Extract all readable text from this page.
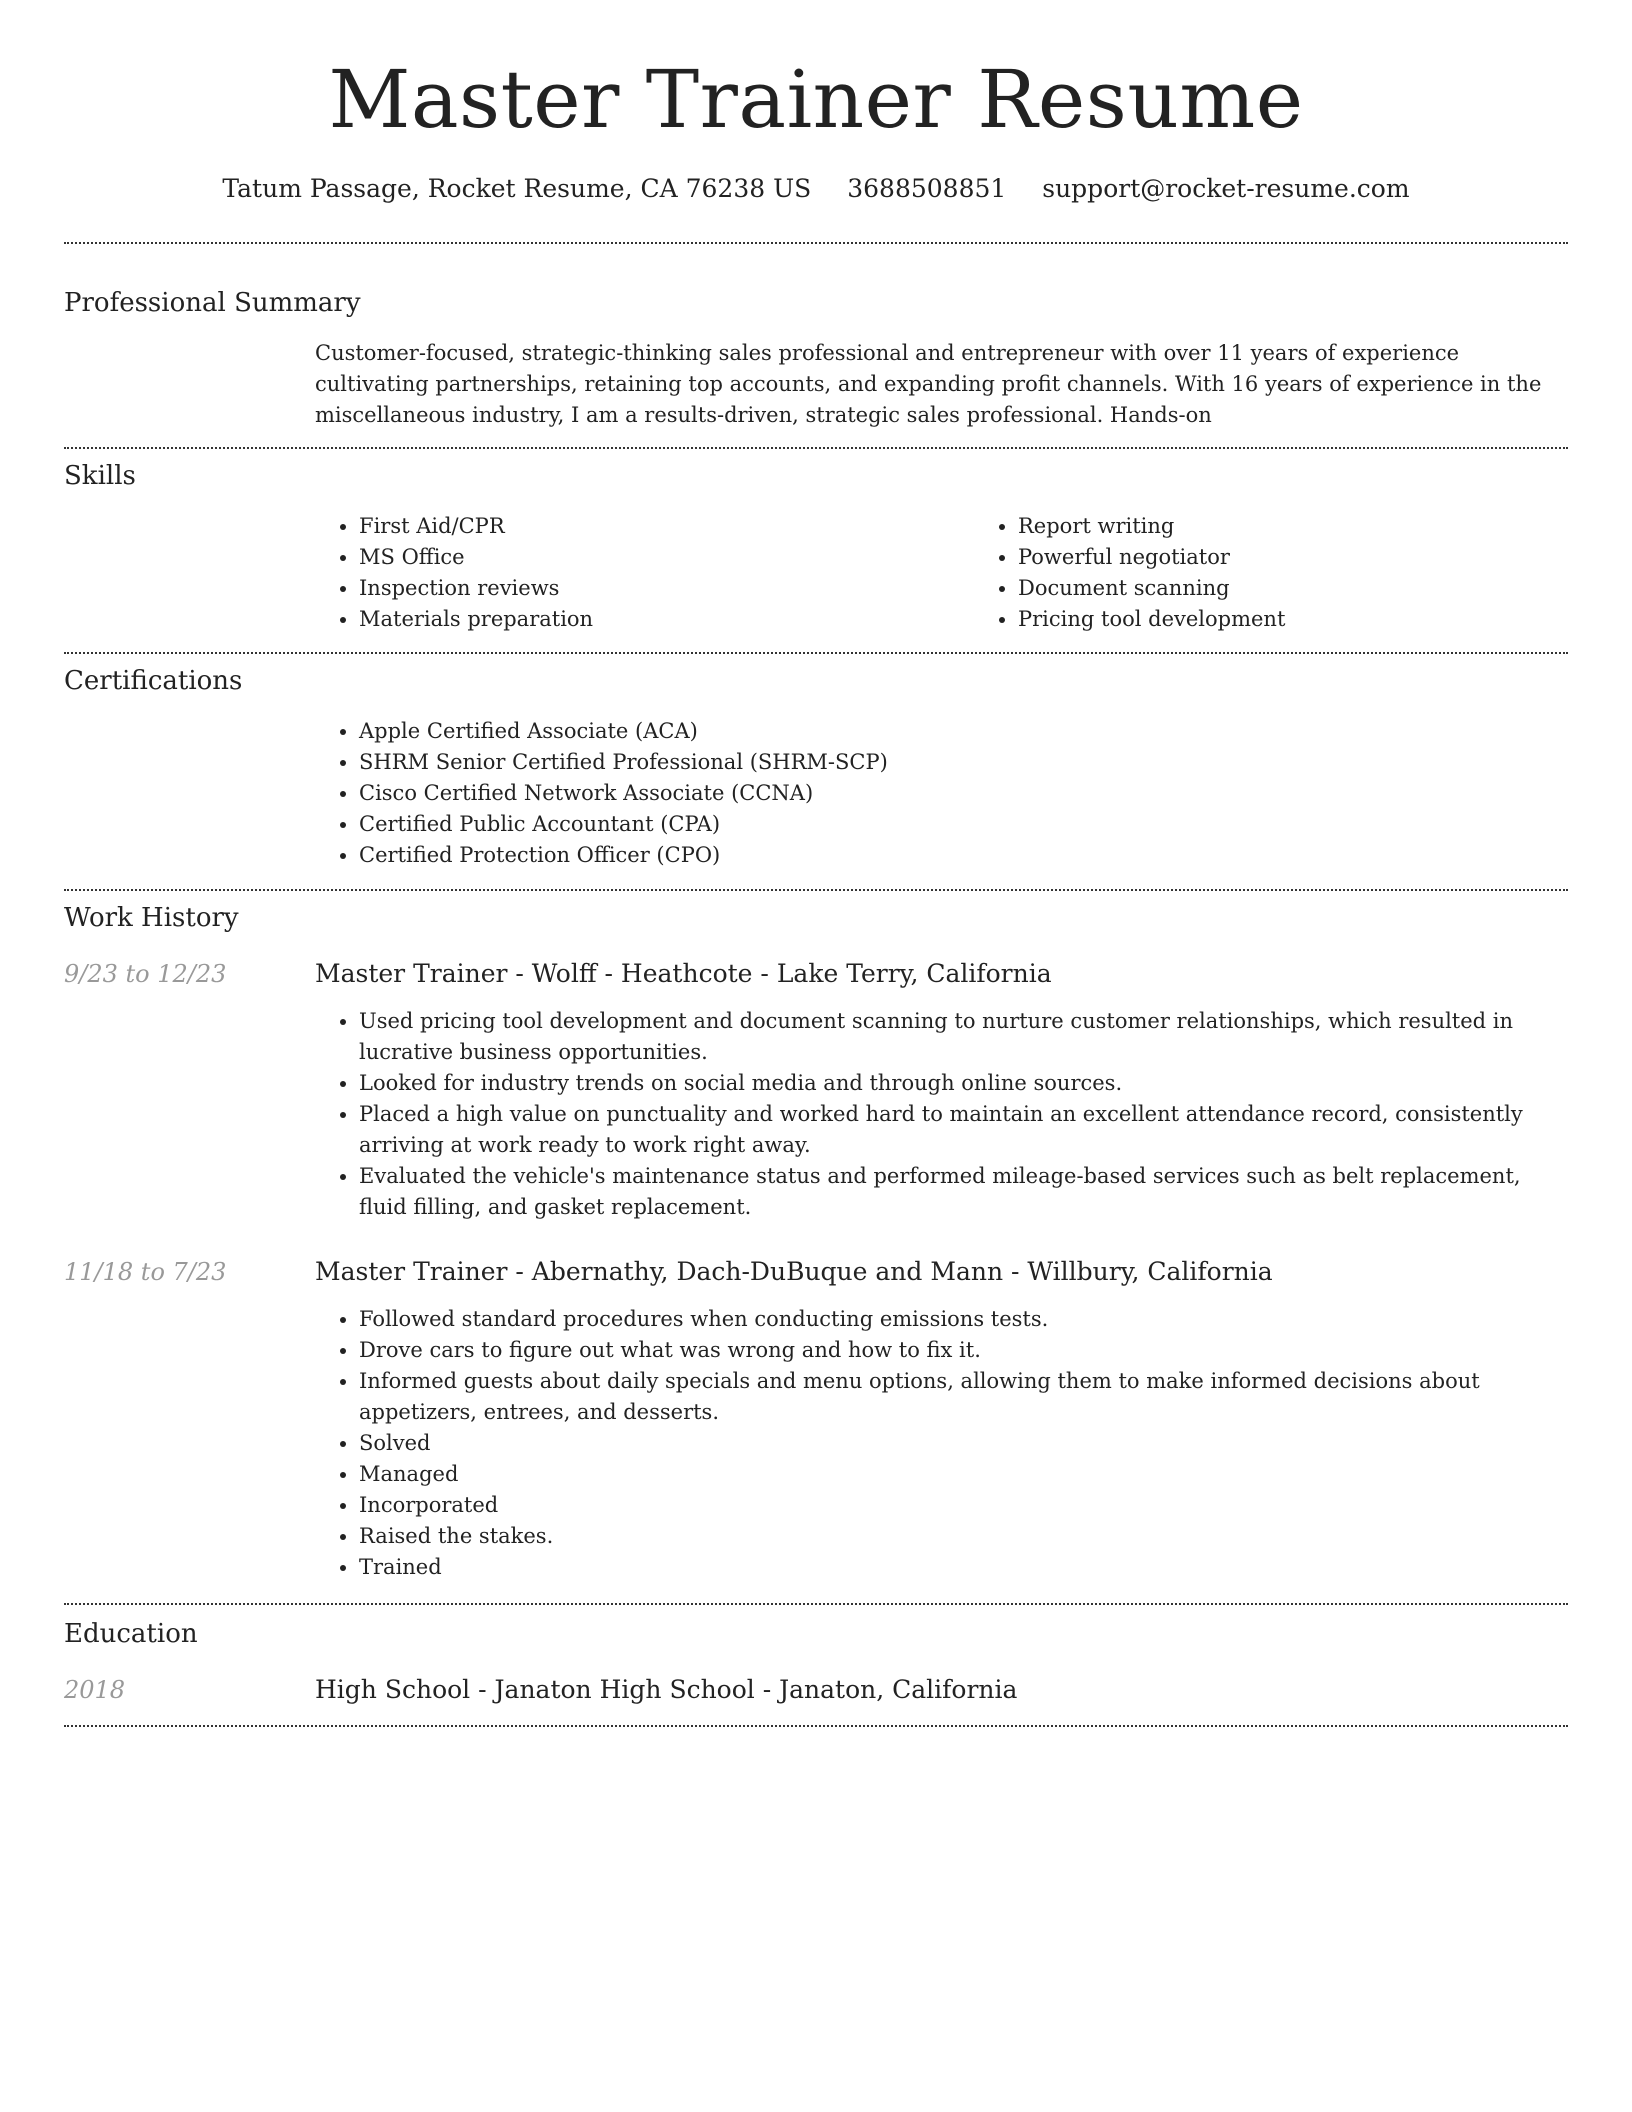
Master Trainer Resume
Tatum Passage, Rocket Resume, CA 76238 US 3688508851 support@rocket-resume.com
Professional Summary
Customer-focused, strategic-thinking sales professional and entrepreneur with over 11 years of experience cultivating partnerships, retaining top accounts, and expanding profit channels. With 16 years of experience in the miscellaneous industry, I am a results-driven, strategic sales professional. Hands-on
Skills
• First Aid/CPR
• MS Office
• Inspection reviews
• Materials preparation
• Report writing
• Powerful negotiator
• Document scanning
• Pricing tool development
Certifications
• Apple Certified Associate (ACA)
• SHRM Senior Certified Professional (SHRM-SCP)
• Cisco Certified Network Associate (CCNA)
• Certified Public Accountant (CPA)
• Certified Protection Officer (CPO)
Work History
9/23 to 12/23	Master Trainer - Wolff - Heathcote - Lake Terry, California
• Used pricing tool development and document scanning to nurture customer relationships, which resulted in lucrative business opportunities.
• Looked for industry trends on social media and through online sources.
• Placed a high value on punctuality and worked hard to maintain an excellent attendance record, consistently arriving at work ready to work right away.
• Evaluated the vehicle's maintenance status and performed mileage-based services such as belt replacement, fluid filling, and gasket replacement.
11/18 to 7/23	Master Trainer - Abernathy, Dach-DuBuque and Mann - Willbury, California
• Followed standard procedures when conducting emissions tests.
• Drove cars to figure out what was wrong and how to fix it.
• Informed guests about daily specials and menu options, allowing them to make informed decisions about appetizers, entrees, and desserts.
• Solved
• Managed
• Incorporated
• Raised the stakes.
• Trained
Education
2018	High School - Janaton High School - Janaton, California
